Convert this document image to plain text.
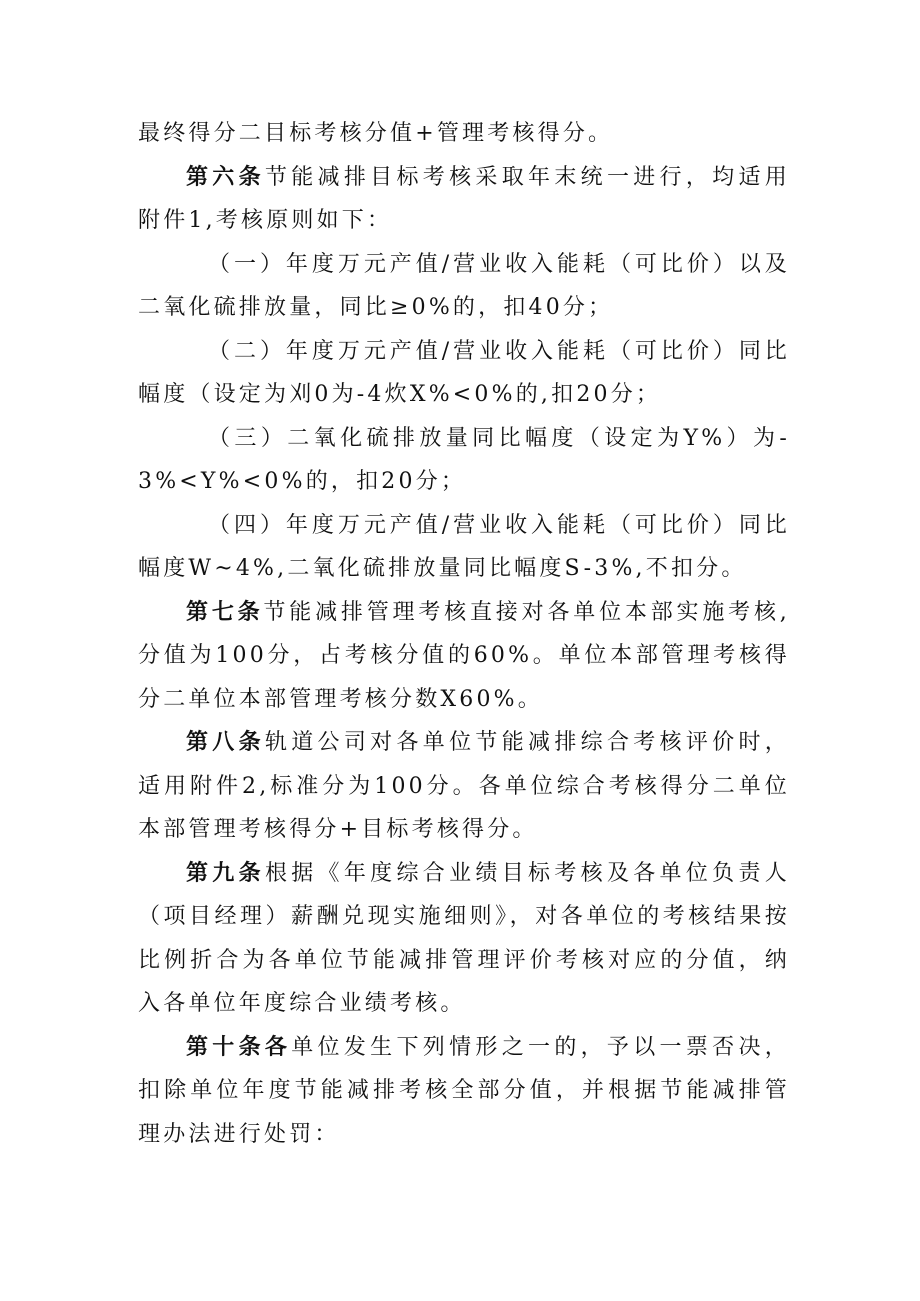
最终得分二目标考核分值+管理考核得分。

第六条节能减排目标考核采取年末统一进行，均适用附件1,考核原则如下：

（一）年度万元产值/营业收入能耗（可比价）以及二氧化硫排放量，同比≥0%的，扣40分；

（二）年度万元产值/营业收入能耗（可比价）同比幅度（设定为刈0为-4炊X%<0%的,扣20分；

（三）二氧化硫排放量同比幅度（设定为Y%）为-3%<Y%<0%的，扣20分；

（四）年度万元产值/营业收入能耗（可比价）同比幅度W~4%,二氧化硫排放量同比幅度S-3%,不扣分。

第七条节能减排管理考核直接对各单位本部实施考核,分值为100分，占考核分值的60%。单位本部管理考核得分二单位本部管理考核分数X60%。

第八条轨道公司对各单位节能减排综合考核评价时，适用附件2,标准分为100分。各单位综合考核得分二单位本部管理考核得分+目标考核得分。

第九条根据《年度综合业绩目标考核及各单位负责人（项目经理）薪酬兑现实施细则》，对各单位的考核结果按比例折合为各单位节能减排管理评价考核对应的分值，纳入各单位年度综合业绩考核。

第十条各单位发生下列情形之一的，予以一票否决，扣除单位年度节能减排考核全部分值，并根据节能减排管理办法进行处罚：
